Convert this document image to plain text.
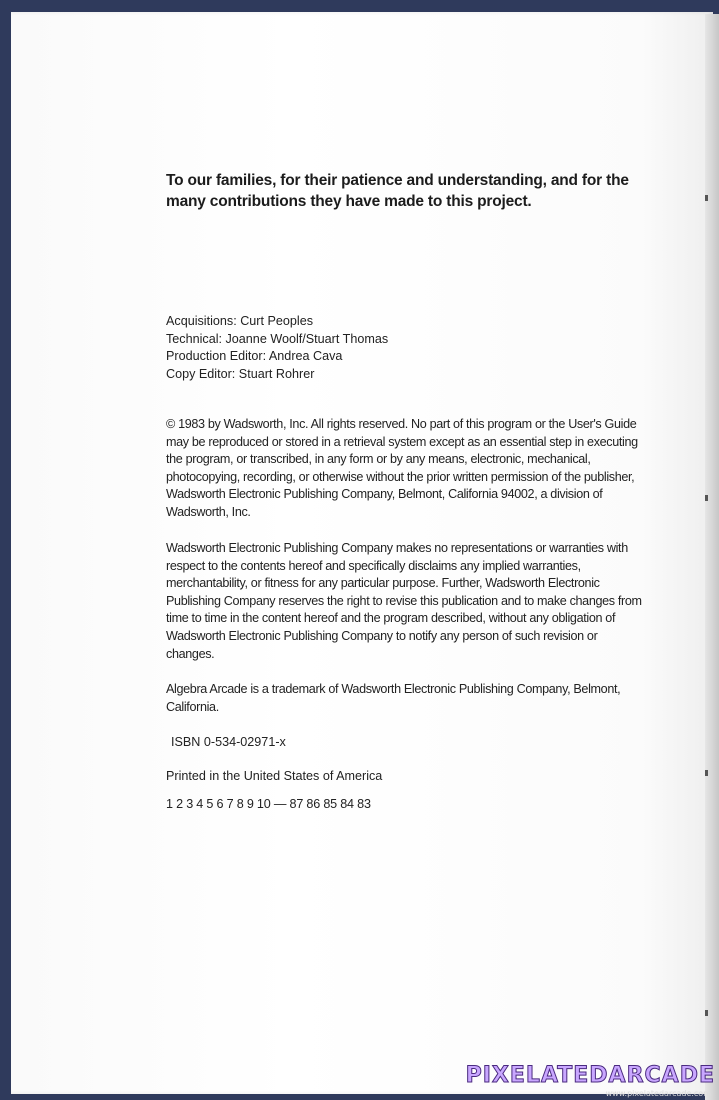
To our families, for their patience and understanding, and for the many contributions they have made to this project.
Acquisitions: Curt Peoples
Technical: Joanne Woolf/Stuart Thomas
Production Editor: Andrea Cava
Copy Editor: Stuart Rohrer
© 1983 by Wadsworth, Inc. All rights reserved. No part of this program or the User's Guide may be reproduced or stored in a retrieval system except as an essential step in executing the program, or transcribed, in any form or by any means, electronic, mechanical, photocopying, recording, or otherwise without the prior written permission of the publisher, Wadsworth Electronic Publishing Company, Belmont, California 94002, a division of Wadsworth, Inc.
Wadsworth Electronic Publishing Company makes no representations or warranties with respect to the contents hereof and specifically disclaims any implied warranties, merchantability, or fitness for any particular purpose. Further, Wadsworth Electronic Publishing Company reserves the right to revise this publication and to make changes from time to time in the content hereof and the program described, without any obligation of Wadsworth Electronic Publishing Company to notify any person of such revision or changes.
Algebra Arcade is a trademark of Wadsworth Electronic Publishing Company, Belmont, California.
ISBN 0-534-02971-x
Printed in the United States of America
1 2 3 4 5 6 7 8 9 10 — 87 86 85 84 83
PIXELATEDARCADE
www.pixelatedarcade.com
